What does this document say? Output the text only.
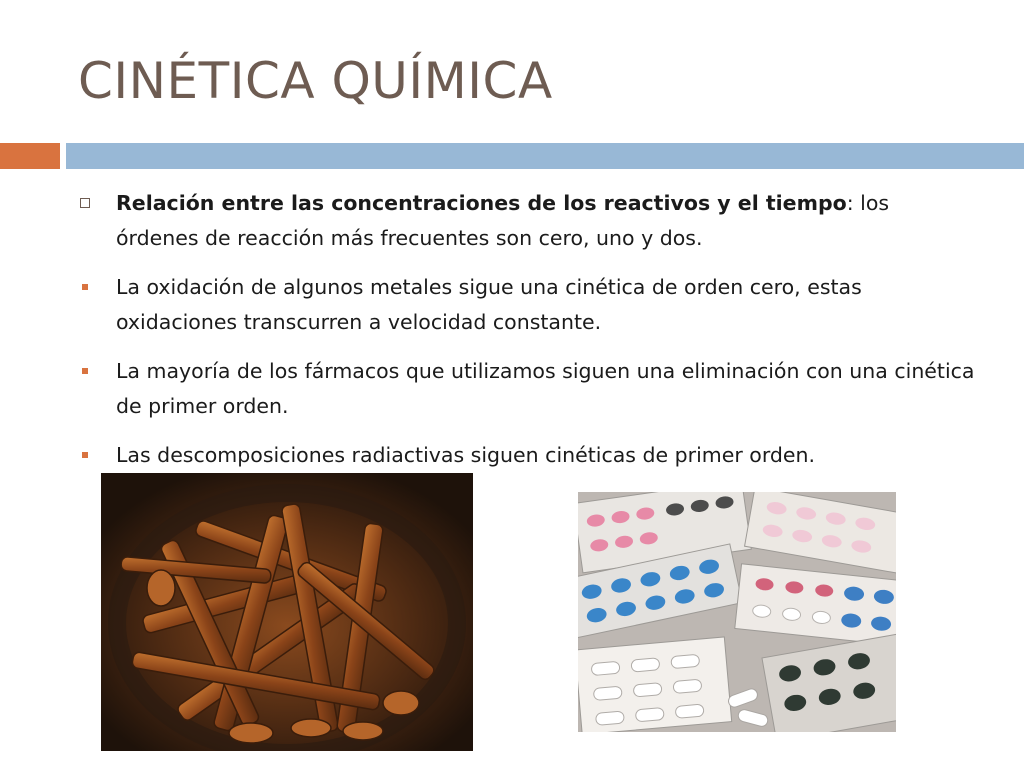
CINÉTICA QUÍMICA
Relación entre las concentraciones de los reactivos y el tiempo: los órdenes de reacción más frecuentes son cero, uno y dos.
La oxidación de algunos metales sigue una cinética de orden cero, estas oxidaciones transcurren a velocidad constante.
La mayoría de los fármacos que utilizamos siguen una eliminación con una cinética de primer orden.
Las descomposiciones radiactivas siguen cinéticas de primer orden.
